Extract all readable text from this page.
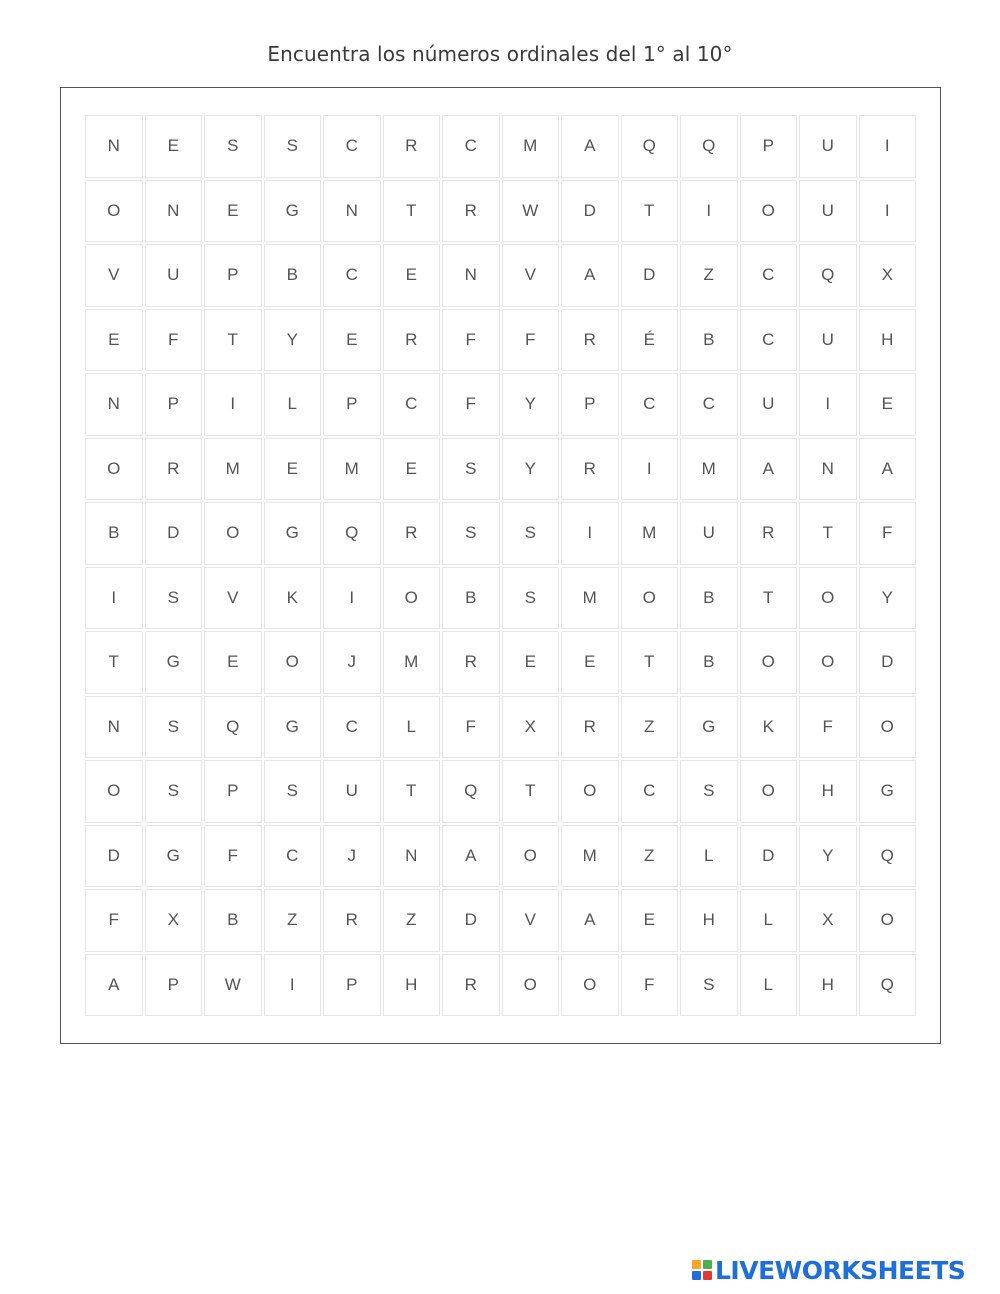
Encuentra los números ordinales del 1° al 10°
N	E	S	S	C	R	C	M	A	Q	Q	P	U	I
O	N	E	G	N	T	R	W	D	T	I	O	U	I
V	U	P	B	C	E	N	V	A	D	Z	C	Q	X
E	F	T	Y	E	R	F	F	R	É	B	C	U	H
N	P	I	L	P	C	F	Y	P	C	C	U	I	E
O	R	M	E	M	E	S	Y	R	I	M	A	N	A
B	D	O	G	Q	R	S	S	I	M	U	R	T	F
I	S	V	K	I	O	B	S	M	O	B	T	O	Y
T	G	E	O	J	M	R	E	E	T	B	O	O	D
N	S	Q	G	C	L	F	X	R	Z	G	K	F	O
O	S	P	S	U	T	Q	T	O	C	S	O	H	G
D	G	F	C	J	N	A	O	M	Z	L	D	Y	Q
F	X	B	Z	R	Z	D	V	A	E	H	L	X	O
A	P	W	I	P	H	R	O	O	F	S	L	H	Q
LIVEWORKSHEETS
